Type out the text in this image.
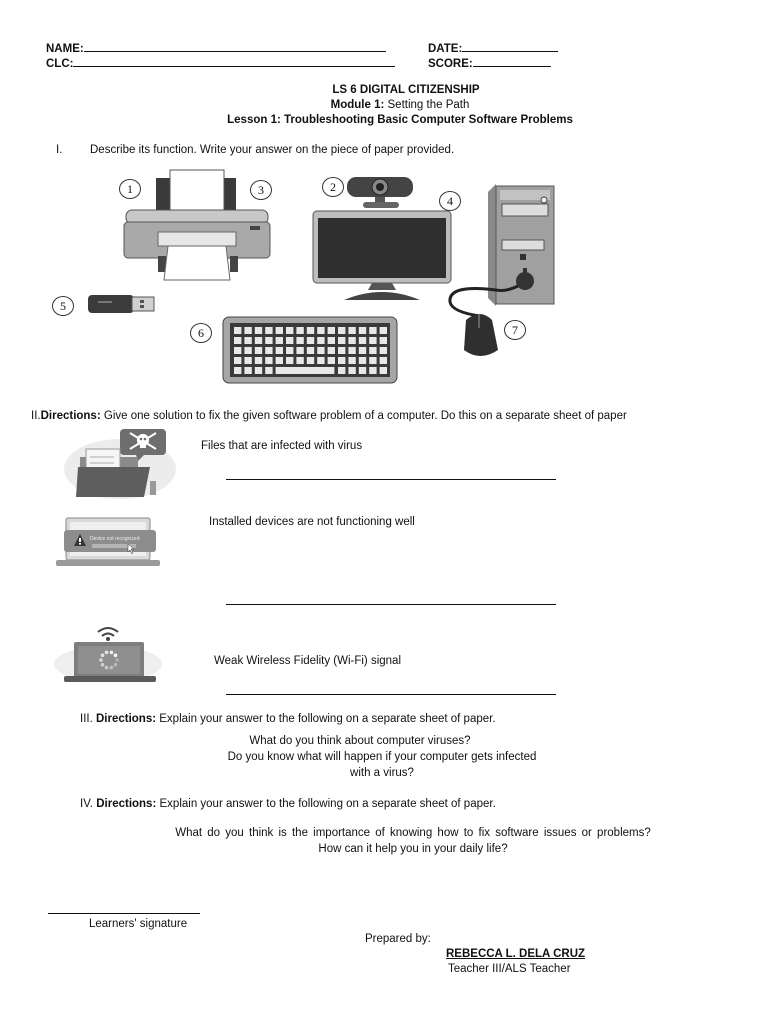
NAME:	DATE:
CLC:	SCORE:
LS 6 DIGITAL CITIZENSHIP
Module 1: Setting the Path
Lesson 1: Troubleshooting Basic Computer Software Problems
I. Describe its function. Write your answer on the piece of paper provided.
1	3	2
4
5
6	7
II.Directions: Give one solution to fix the given software problem of a computer. Do this on a separate sheet of paper
Files that are infected with virus
Device not recognized
Installed devices are not functioning well
Weak Wireless Fidelity (Wi-Fi) signal
III. Directions: Explain your answer to the following on a separate sheet of paper.
What do you think about computer viruses?
Do you know what will happen if your computer gets infected
with a virus?
IV. Directions: Explain your answer to the following on a separate sheet of paper.
What do you think is the importance of knowing how to fix software issues or problems?
How can it help you in your daily life?
Learners' signature
Prepared by:
REBECCA L. DELA CRUZ
Teacher III/ALS Teacher
